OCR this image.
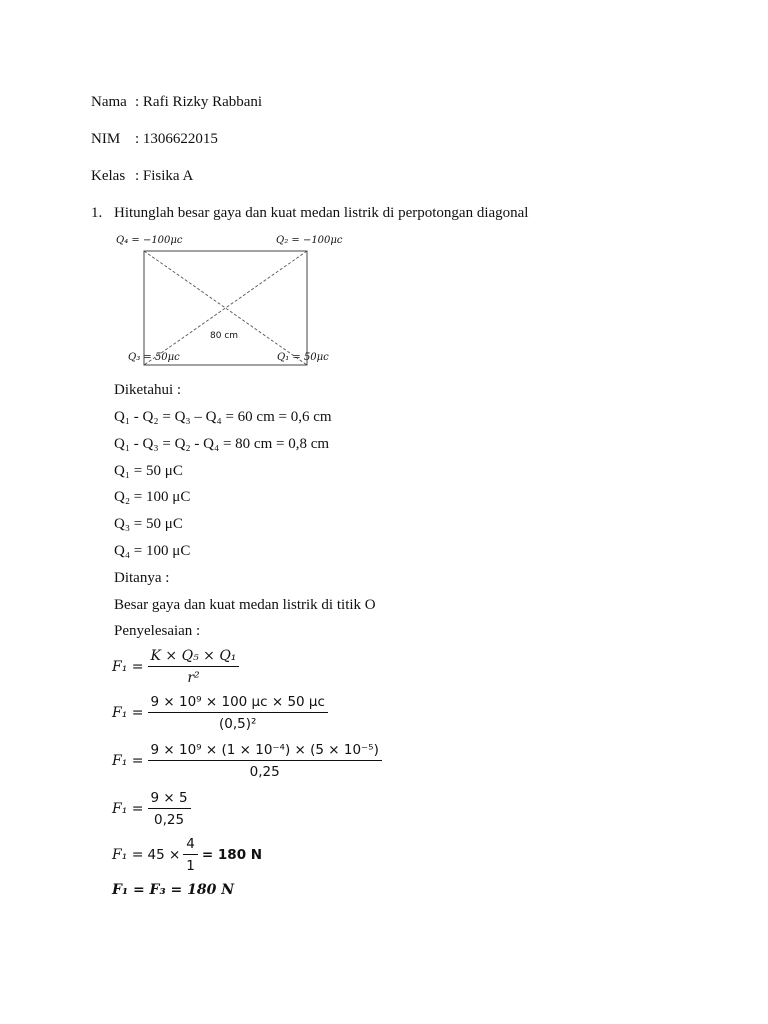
Nama : Rafi Rizky Rabbani
NIM : 1306622015
Kelas : Fisika A
1. Hitunglah besar gaya dan kuat medan listrik di perpotongan diagonal
Q₄ = −100μc	Q₂ = −100μc
Q₃ = 50μc	Q₁ = 50μc
80 cm
Diketahui :
Q₁ - Q₂ = Q₃ – Q₄ = 60 cm = 0,6 cm
Q₁ - Q₃ = Q₂ - Q₄ = 80 cm = 0,8 cm
Q₁ = 50 μC
Q₂ = 100 μC
Q₃ = 50 μC
Q₄ = 100 μC
Ditanya :
Besar gaya dan kuat medan listrik di titik O
Penyelesaian :
$F_1 = \frac{\text{K × Q₅ × Q₁}}{\text{r²}}$
$F_1 = \frac{\text{9 × 10⁹ × 100 μc × 50 μc}}{\text{(0,5)²}}$
$F_1 = \frac{\text{9 × 10⁹ × (1 × 10⁻⁴) × (5 × 10⁻⁵)}}{0,25}$
$F_1 = \frac{9 \times 5}{0,25}$
$F_1 = 45 \times \frac{4}{1} = 180$ N
F₁ = F₃ = 180 N
